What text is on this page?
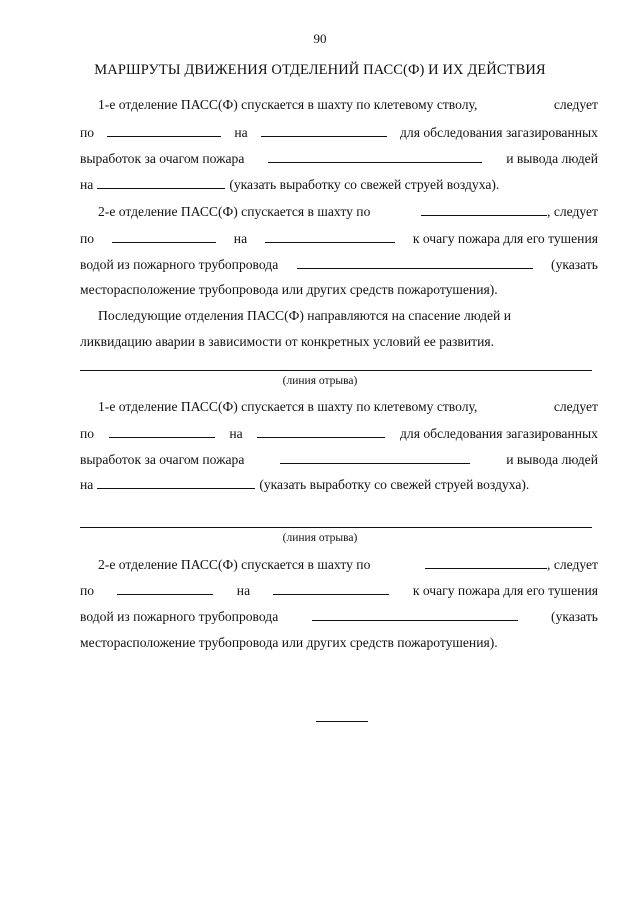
90
МАРШРУТЫ ДВИЖЕНИЯ ОТДЕЛЕНИЙ ПАСС(Ф) И ИХ ДЕЙСТВИЯ
1-е отделение ПАСС(Ф) спускается в шахту по клетевому стволу,	следует
по	на	для обследования загазированных
выработок за очагом пожара	и вывода людей
на	(указать выработку со свежей струей воздуха).
2-е отделение ПАСС(Ф) спускается в шахту по	, следует
по	на	к очагу пожара для его тушения
водой из пожарного трубопровода	(указать
месторасположение трубопровода или других средств пожаротушения).
Последующие отделения ПАСС(Ф) направляются на спасение людей и
ликвидацию аварии в зависимости от конкретных условий ее развития.
(линия отрыва)
1-е отделение ПАСС(Ф) спускается в шахту по клетевому стволу,	следует
по	на	для обследования загазированных
выработок за очагом пожара	и вывода людей
на	(указать выработку со свежей струей воздуха).
(линия отрыва)
2-е отделение ПАСС(Ф) спускается в шахту по	, следует
по	на	к очагу пожара для его тушения
водой из пожарного трубопровода	(указать
месторасположение трубопровода или других средств пожаротушения).
